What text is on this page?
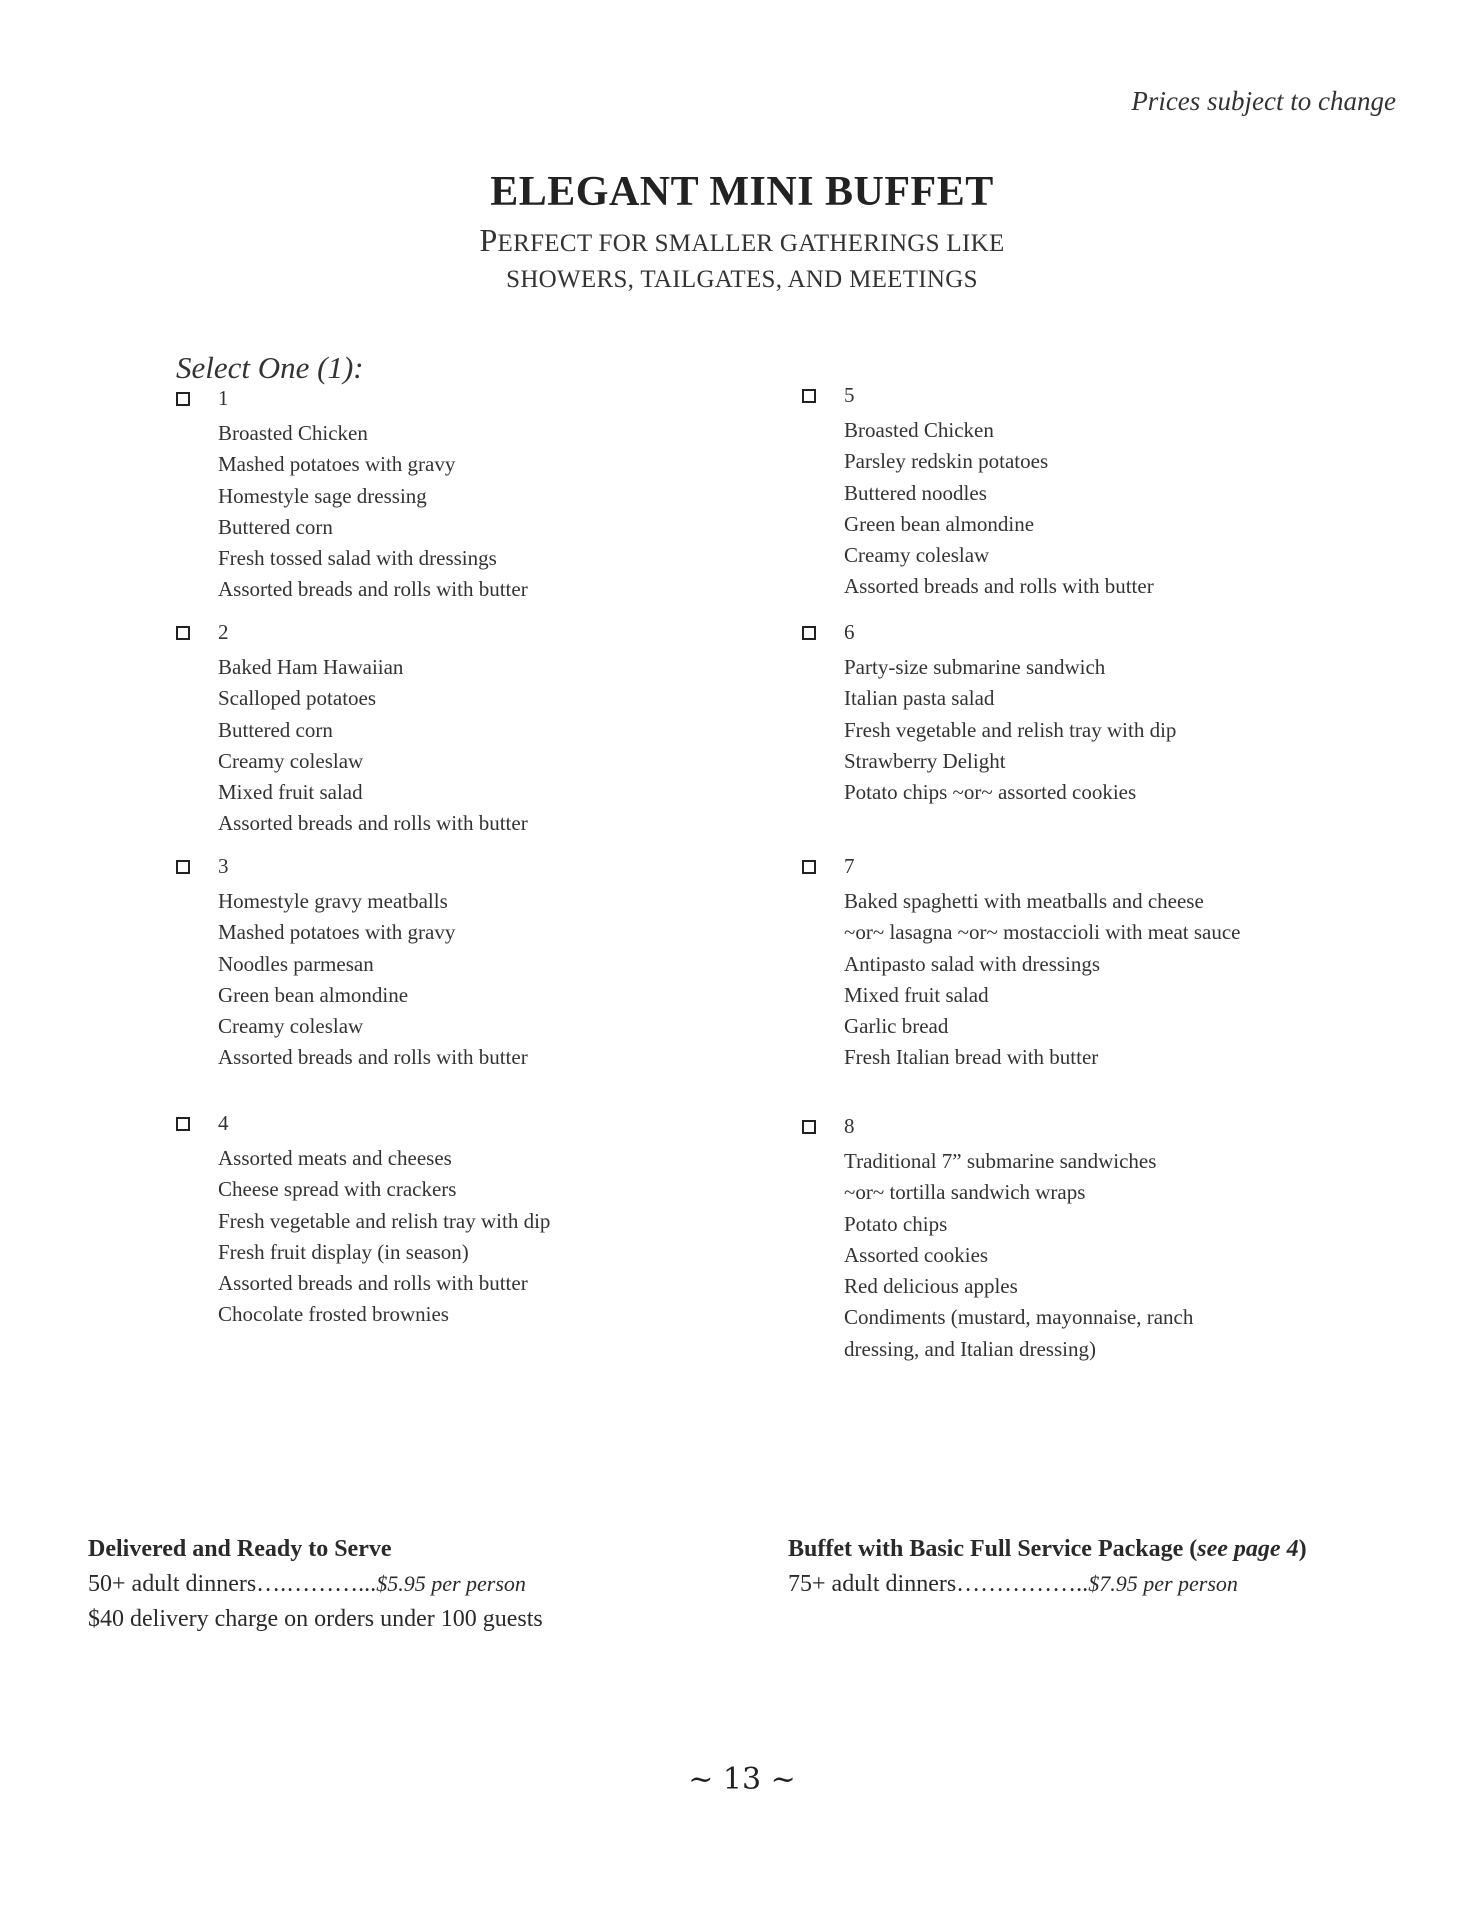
Prices subject to change
ELEGANT MINI BUFFET
PERFECT FOR SMALLER GATHERINGS LIKE
SHOWERS, TAILGATES, AND MEETINGS
Select One (1):
1
Broasted Chicken
Mashed potatoes with gravy
Homestyle sage dressing
Buttered corn
Fresh tossed salad with dressings
Assorted breads and rolls with butter
2
Baked Ham Hawaiian
Scalloped potatoes
Buttered corn
Creamy coleslaw
Mixed fruit salad
Assorted breads and rolls with butter
3
Homestyle gravy meatballs
Mashed potatoes with gravy
Noodles parmesan
Green bean almondine
Creamy coleslaw
Assorted breads and rolls with butter
4
Assorted meats and cheeses
Cheese spread with crackers
Fresh vegetable and relish tray with dip
Fresh fruit display (in season)
Assorted breads and rolls with butter
Chocolate frosted brownies
5
Broasted Chicken
Parsley redskin potatoes
Buttered noodles
Green bean almondine
Creamy coleslaw
Assorted breads and rolls with butter
6
Party-size submarine sandwich
Italian pasta salad
Fresh vegetable and relish tray with dip
Strawberry Delight
Potato chips ~or~ assorted cookies
7
Baked spaghetti with meatballs and cheese
~or~ lasagna ~or~ mostaccioli with meat sauce
Antipasto salad with dressings
Mixed fruit salad
Garlic bread
Fresh Italian bread with butter
8
Traditional 7” submarine sandwiches
~or~ tortilla sandwich wraps
Potato chips
Assorted cookies
Red delicious apples
Condiments (mustard, mayonnaise, ranch dressing, and Italian dressing)
Delivered and Ready to Serve
50+ adult dinners….………...$5.95 per person
$40 delivery charge on orders under 100 guests
Buffet with Basic Full Service Package (see page 4)
75+ adult dinners……………..$7.95 per person
~ 13 ~
